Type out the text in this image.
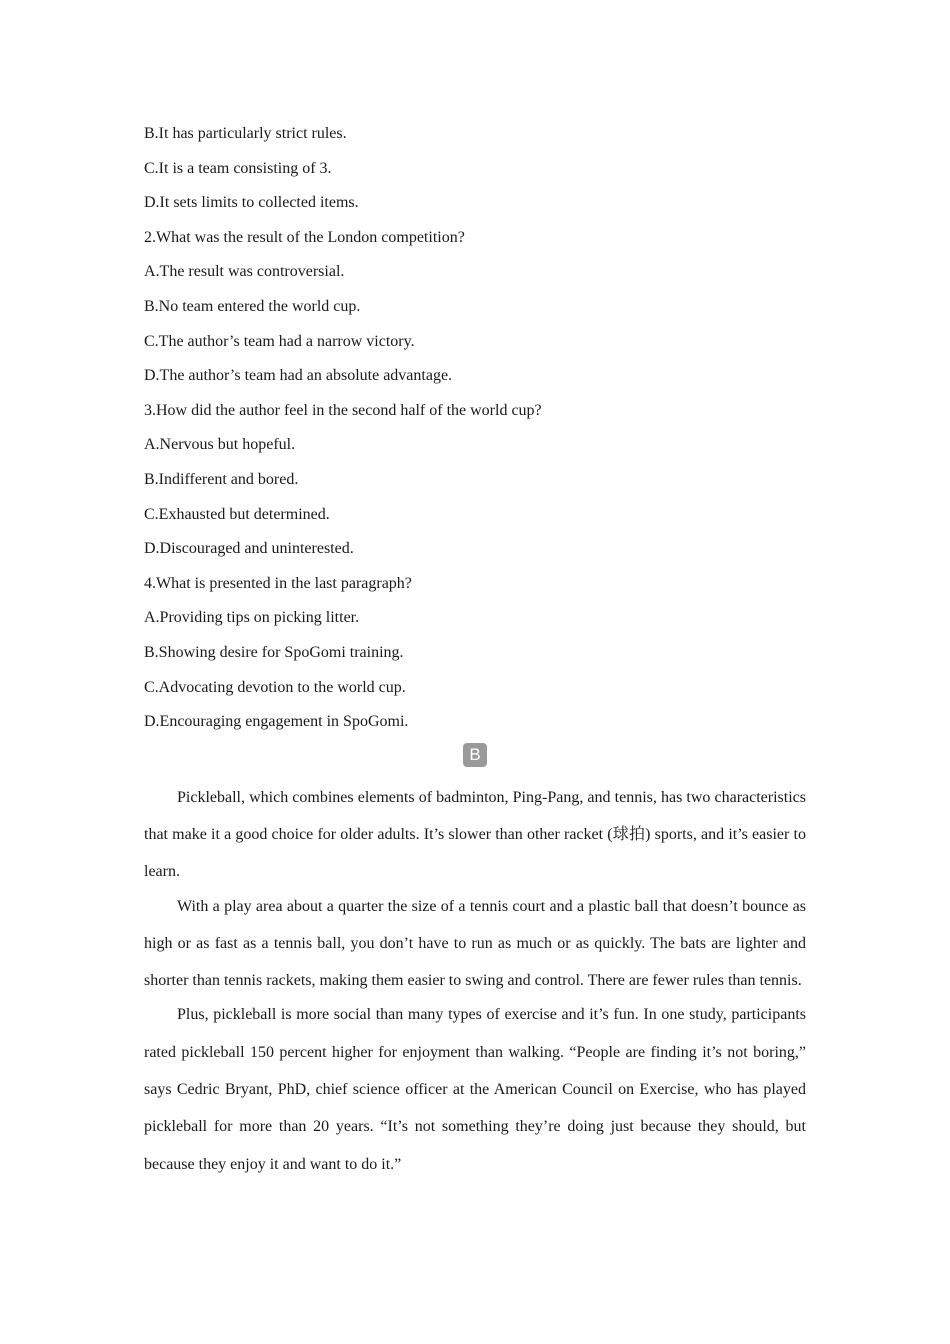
B.It has particularly strict rules.
C.It is a team consisting of 3.
D.It sets limits to collected items.
2.What was the result of the London competition?
A.The result was controversial.
B.No team entered the world cup.
C.The author’s team had a narrow victory.
D.The author’s team had an absolute advantage.
3.How did the author feel in the second half of the world cup?
A.Nervous but hopeful.
B.Indifferent and bored.
C.Exhausted but determined.
D.Discouraged and uninterested.
4.What is presented in the last paragraph?
A.Providing tips on picking litter.
B.Showing desire for SpoGomi training.
C.Advocating devotion to the world cup.
D.Encouraging engagement in SpoGomi.
B

Pickleball, which combines elements of badminton, Ping-Pang, and tennis, has two characteristics that make it a good choice for older adults. It’s slower than other racket (球拍) sports, and it’s easier to learn.

With a play area about a quarter the size of a tennis court and a plastic ball that doesn’t bounce as high or as fast as a tennis ball, you don’t have to run as much or as quickly. The bats are lighter and shorter than tennis rackets, making them easier to swing and control. There are fewer rules than tennis.

Plus, pickleball is more social than many types of exercise and it’s fun. In one study, participants rated pickleball 150 percent higher for enjoyment than walking. “People are finding it’s not boring,” says Cedric Bryant, PhD, chief science officer at the American Council on Exercise, who has played pickleball for more than 20 years. “It’s not something they’re doing just because they should, but because they enjoy it and want to do it.”
